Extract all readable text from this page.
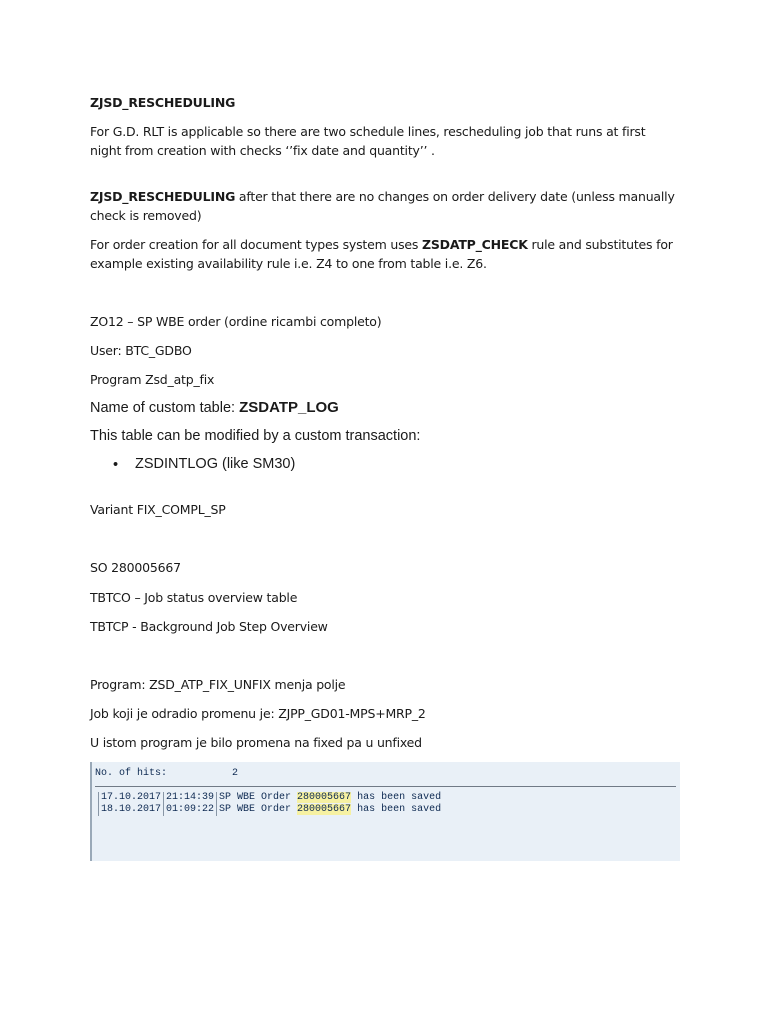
ZJSD_RESCHEDULING

For G.D. RLT is applicable so there are two schedule lines, rescheduling job that runs at first night from creation with checks ‘’fix date and quantity’’ .

ZJSD_RESCHEDULING after that there are no changes on order delivery date (unless manually check is removed)

For order creation for all document types system uses ZSDATP_CHECK rule and substitutes for example existing availability rule i.e. Z4 to one from table i.e. Z6.

ZO12 – SP WBE order (ordine ricambi completo)

User: BTC_GDBO

Program Zsd_atp_fix

Name of custom table: ZSDATP_LOG

This table can be modified by a custom transaction:

• ZSDINTLOG (like SM30)

Variant FIX_COMPL_SP

SO 280005667

TBTCO – Job status overview table

TBTCP - Background Job Step Overview

Program: ZSD_ATP_FIX_UNFIX menja polje

Job koji je odradio promenu je: ZJPP_GD01-MPS+MRP_2

U istom program je bilo promena na fixed pa u unfixed

No. of hits:	2
17.10.2017 21:14:39 SP WBE Order 280005667 has been saved
18.10.2017 01:09:22 SP WBE Order 280005667 has been saved
